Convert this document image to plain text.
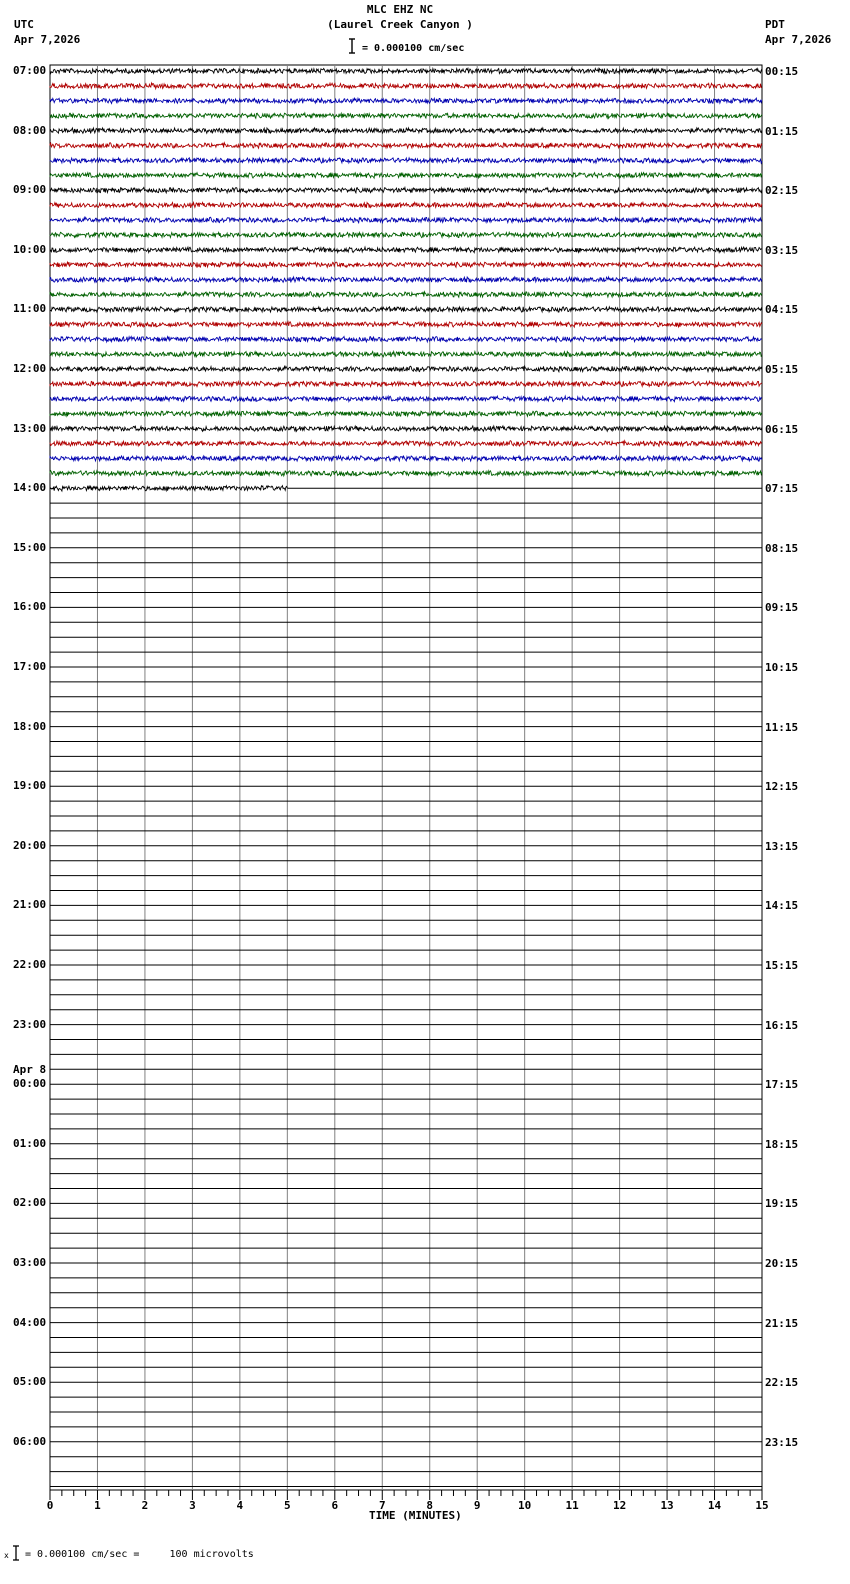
MLC EHZ NC
(Laurel Creek Canyon )
UTC
Apr 7,2026
PDT
Apr 7,2026
= 0.000100 cm/sec
0	1	2	3	4	5	6	7	8	9	10	11	12	13	14	15
07:00
08:00
09:00
10:00
11:00
12:00
13:00
14:00
15:00
16:00
17:00
18:00
19:00
20:00
21:00
22:00
23:00
00:00
Apr 8
01:00
02:00
03:00
04:00
05:00
06:00
00:15
01:15
02:15
03:15
04:15
05:15
06:15
07:15
08:15
09:15
10:15
11:15
12:15
13:15
14:15
15:15
16:15
17:15
18:15
19:15
20:15
21:15
22:15
23:15
TIME (MINUTES)
x = 0.000100 cm/sec =     100 microvolts
